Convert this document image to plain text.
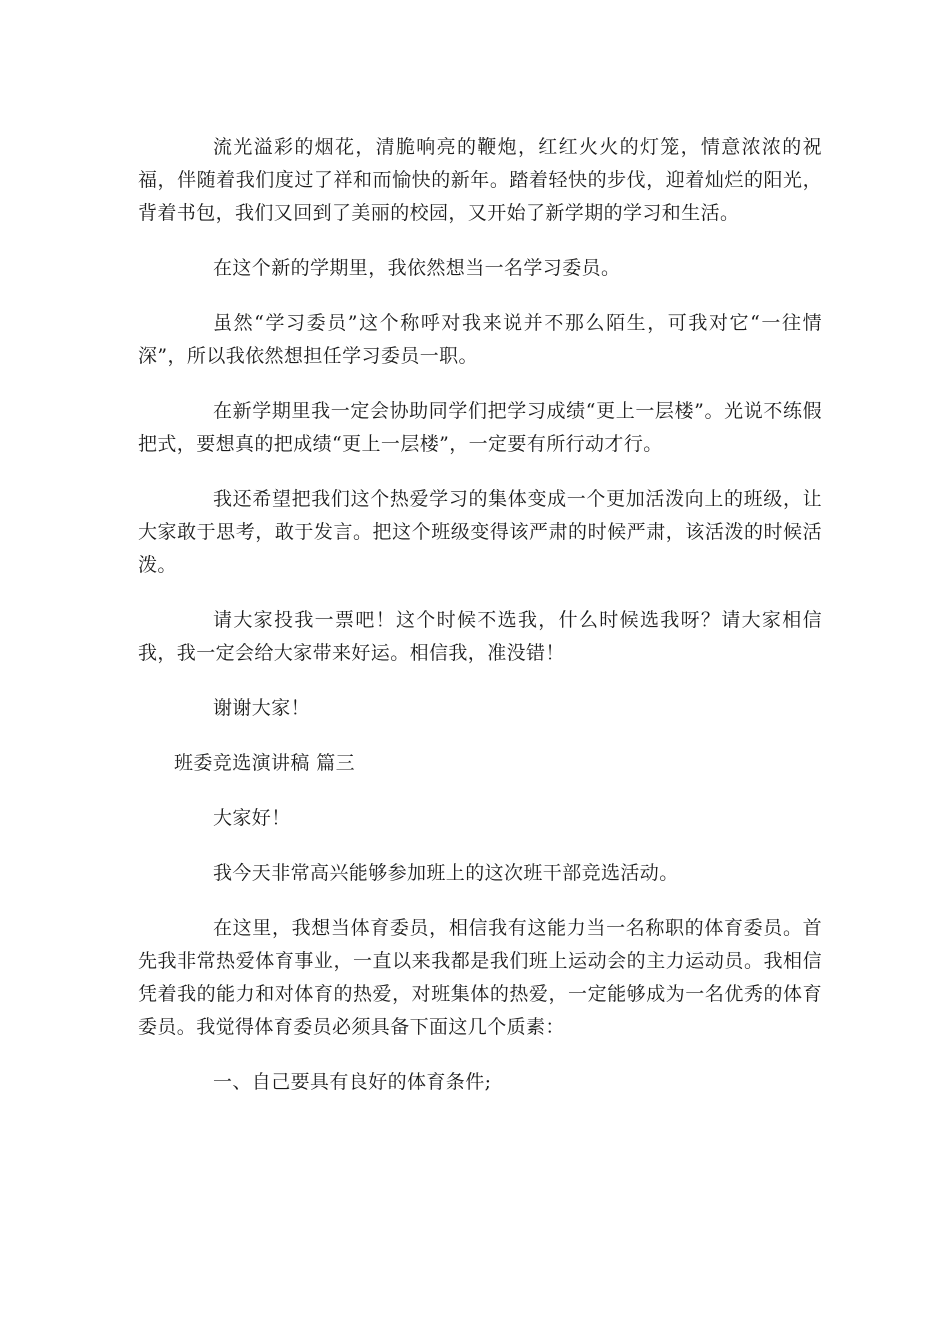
流光溢彩的烟花，清脆响亮的鞭炮，红红火火的灯笼，情意浓浓的祝福，伴随着我们度过了祥和而愉快的新年。踏着轻快的步伐，迎着灿烂的阳光，背着书包，我们又回到了美丽的校园，又开始了新学期的学习和生活。

在这个新的学期里，我依然想当一名学习委员。

虽然“学习委员”这个称呼对我来说并不那么陌生，可我对它“一往情深”，所以我依然想担任学习委员一职。

在新学期里我一定会协助同学们把学习成绩“更上一层楼”。光说不练假把式，要想真的把成绩“更上一层楼”，一定要有所行动才行。

我还希望把我们这个热爱学习的集体变成一个更加活泼向上的班级，让大家敢于思考，敢于发言。把这个班级变得该严肃的时候严肃，该活泼的时候活泼。

请大家投我一票吧！这个时候不选我，什么时候选我呀？请大家相信我，我一定会给大家带来好运。相信我，准没错！

谢谢大家！

班委竞选演讲稿 篇三

大家好！

我今天非常高兴能够参加班上的这次班干部竞选活动。

在这里，我想当体育委员，相信我有这能力当一名称职的体育委员。首先我非常热爱体育事业，一直以来我都是我们班上运动会的主力运动员。我相信凭着我的能力和对体育的热爱，对班集体的热爱，一定能够成为一名优秀的体育委员。我觉得体育委员必须具备下面这几个质素：

一、自己要具有良好的体育条件;
